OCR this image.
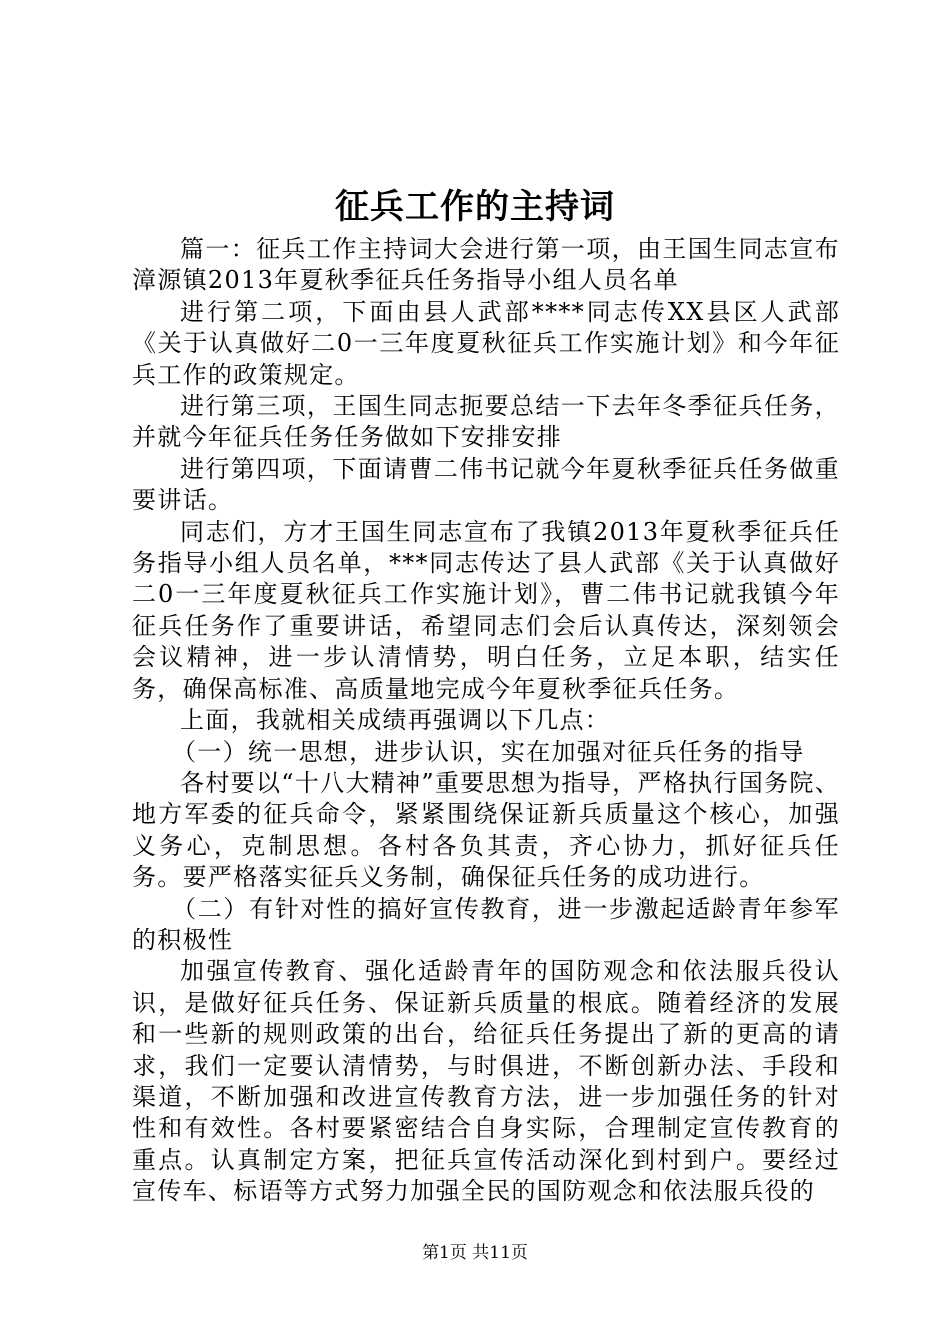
征兵工作的主持词

篇一：征兵工作主持词大会进行第一项，由王国生同志宣布漳源镇2013年夏秋季征兵任务指导小组人员名单

进行第二项，下面由县人武部****同志传XX县区人武部《关于认真做好二0一三年度夏秋征兵工作实施计划》和今年征兵工作的政策规定。

进行第三项，王国生同志扼要总结一下去年冬季征兵任务，并就今年征兵任务任务做如下安排安排

进行第四项，下面请曹二伟书记就今年夏秋季征兵任务做重要讲话。

同志们，方才王国生同志宣布了我镇2013年夏秋季征兵任务指导小组人员名单，***同志传达了县人武部《关于认真做好二0一三年度夏秋征兵工作实施计划》，曹二伟书记就我镇今年征兵任务作了重要讲话，希望同志们会后认真传达，深刻领会会议精神，进一步认清情势，明白任务，立足本职，结实任务，确保高标准、高质量地完成今年夏秋季征兵任务。

上面，我就相关成绩再强调以下几点：

（一）统一思想，进步认识，实在加强对征兵任务的指导

各村要以“十八大精神”重要思想为指导，严格执行国务院、地方军委的征兵命令，紧紧围绕保证新兵质量这个核心，加强义务心，克制思想。各村各负其责，齐心协力，抓好征兵任务。要严格落实征兵义务制，确保征兵任务的成功进行。

（二）有针对性的搞好宣传教育，进一步激起适龄青年参军的积极性

加强宣传教育、强化适龄青年的国防观念和依法服兵役认识，是做好征兵任务、保证新兵质量的根底。随着经济的发展和一些新的规则政策的出台，给征兵任务提出了新的更高的请求，我们一定要认清情势，与时俱进，不断创新办法、手段和渠道，不断加强和改进宣传教育方法，进一步加强任务的针对性和有效性。各村要紧密结合自身实际，合理制定宣传教育的重点。认真制定方案，把征兵宣传活动深化到村到户。要经过宣传车、标语等方式努力加强全民的国防观念和依法服兵役的

第1页 共11页
